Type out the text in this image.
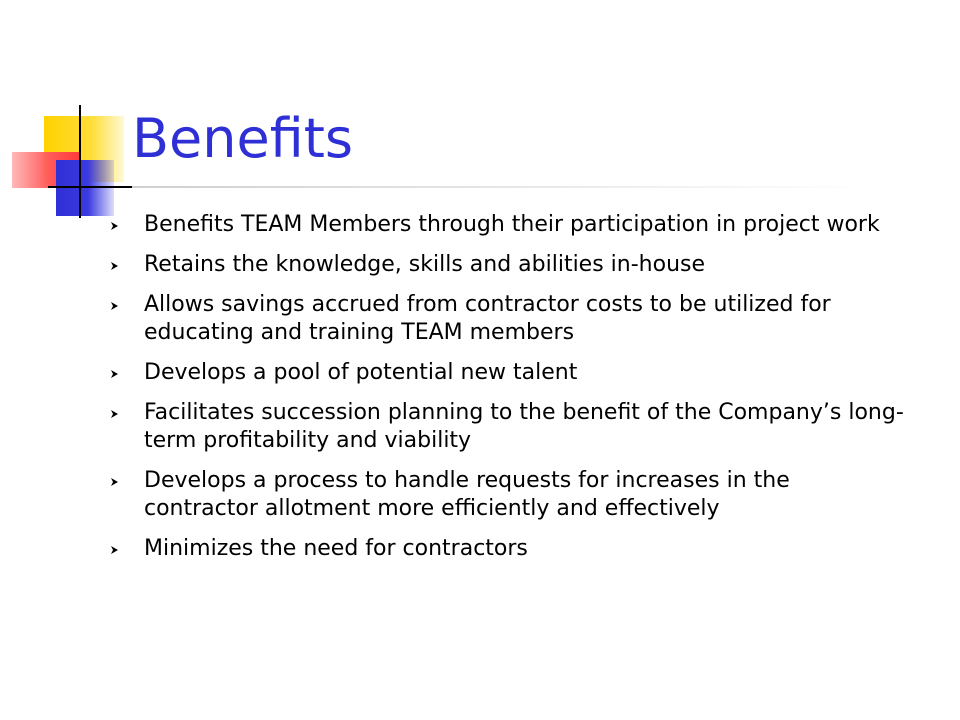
Benefits
Benefits TEAM Members through their participation in project work
Retains the knowledge, skills and abilities in-house
Allows savings accrued from contractor costs to be utilized for educating and training TEAM members
Develops a pool of potential new talent
Facilitates succession planning to the benefit of the Company’s long-term profitability and viability
Develops a process to handle requests for increases in the contractor allotment more efficiently and effectively
Minimizes the need for contractors
